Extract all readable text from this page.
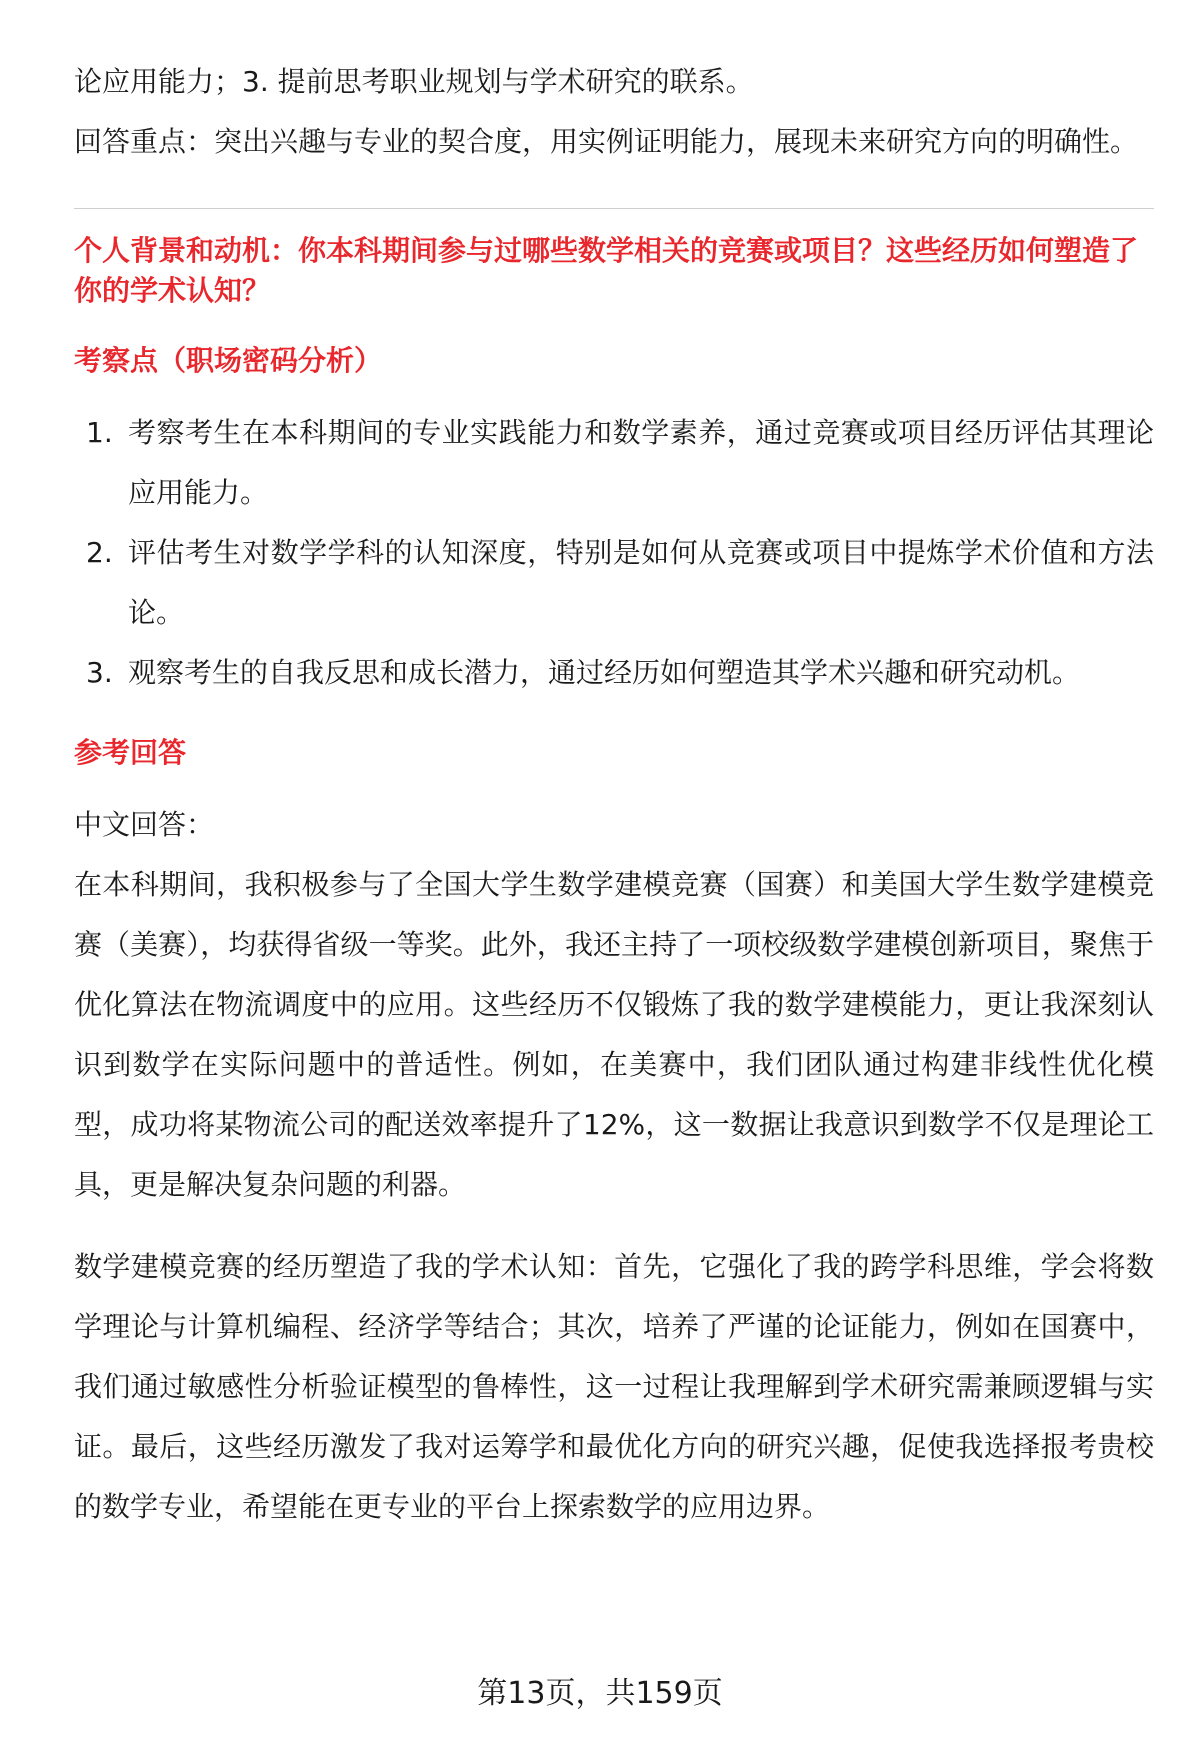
论应用能力；3. 提前思考职业规划与学术研究的联系。

回答重点：突出兴趣与专业的契合度，用实例证明能力，展现未来研究方向的明确性。

个人背景和动机：你本科期间参与过哪些数学相关的竞赛或项目？这些经历如何塑造了你的学术认知？

考察点（职场密码分析）

1. 考察考生在本科期间的专业实践能力和数学素养，通过竞赛或项目经历评估其理论应用能力。
2. 评估考生对数学学科的认知深度，特别是如何从竞赛或项目中提炼学术价值和方法论。
3. 观察考生的自我反思和成长潜力，通过经历如何塑造其学术兴趣和研究动机。

参考回答

中文回答：

在本科期间，我积极参与了全国大学生数学建模竞赛（国赛）和美国大学生数学建模竞赛（美赛），均获得省级一等奖。此外，我还主持了一项校级数学建模创新项目，聚焦于优化算法在物流调度中的应用。这些经历不仅锻炼了我的数学建模能力，更让我深刻认识到数学在实际问题中的普适性。例如，在美赛中，我们团队通过构建非线性优化模型，成功将某物流公司的配送效率提升了12%，这一数据让我意识到数学不仅是理论工具，更是解决复杂问题的利器。

数学建模竞赛的经历塑造了我的学术认知：首先，它强化了我的跨学科思维，学会将数学理论与计算机编程、经济学等结合；其次，培养了严谨的论证能力，例如在国赛中，我们通过敏感性分析验证模型的鲁棒性，这一过程让我理解到学术研究需兼顾逻辑与实证。最后，这些经历激发了我对运筹学和最优化方向的研究兴趣，促使我选择报考贵校的数学专业，希望能在更专业的平台上探索数学的应用边界。

第13页，共159页
